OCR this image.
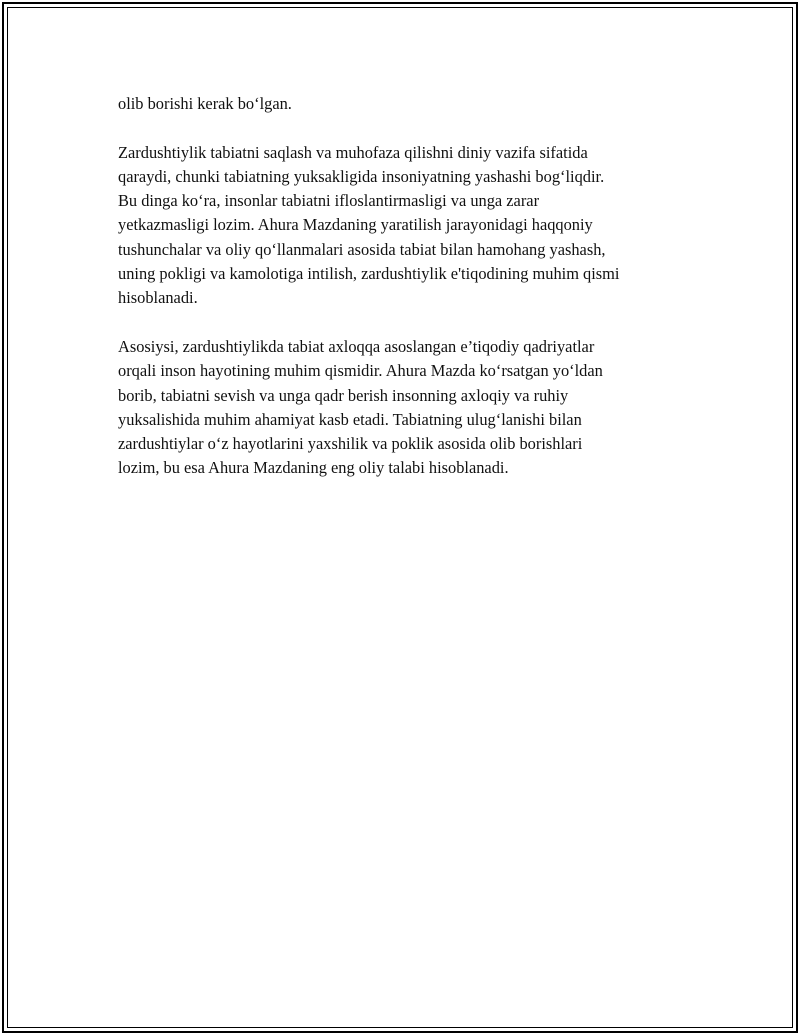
olib borishi kerak bo‘lgan.

Zardushtiylik tabiatni saqlash va muhofaza qilishni diniy vazifa sifatida
qaraydi, chunki tabiatning yuksakligida insoniyatning yashashi bog‘liqdir.
Bu dinga ko‘ra, insonlar tabiatni ifloslantirmasligi va unga zarar
yetkazmasligi lozim. Ahura Mazdaning yaratilish jarayonidagi haqqoniy
tushunchalar va oliy qo‘llanmalari asosida tabiat bilan hamohang yashash,
uning pokligi va kamolotiga intilish, zardushtiylik e'tiqodining muhim qismi
hisoblanadi.

Asosiysi, zardushtiylikda tabiat axloqqa asoslangan e’tiqodiy qadriyatlar
orqali inson hayotining muhim qismidir. Ahura Mazda ko‘rsatgan yo‘ldan
borib, tabiatni sevish va unga qadr berish insonning axloqiy va ruhiy
yuksalishida muhim ahamiyat kasb etadi. Tabiatning ulug‘lanishi bilan
zardushtiylar o‘z hayotlarini yaxshilik va poklik asosida olib borishlari
lozim, bu esa Ahura Mazdaning eng oliy talabi hisoblanadi.
